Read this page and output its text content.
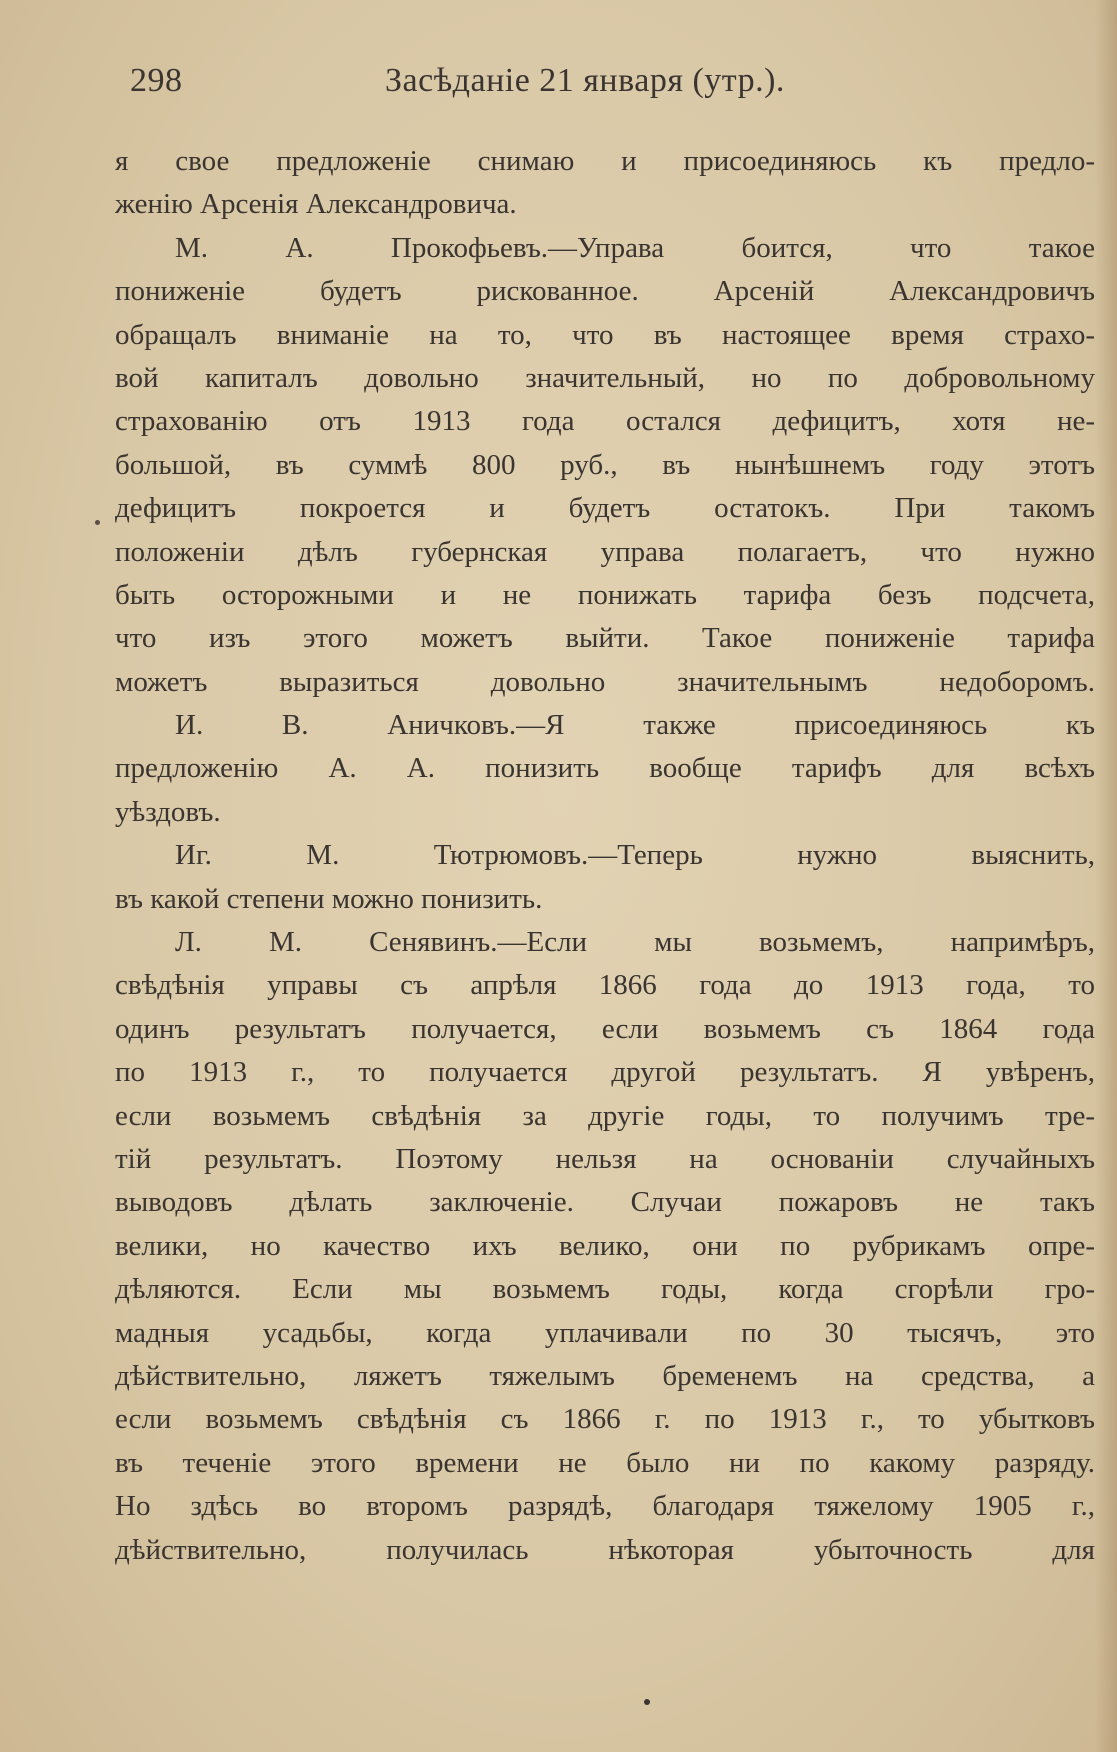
298	Засѣданіе 21 января (утр.).
я свое предложеніе снимаю и присоединяюсь къ предло-
женію Арсенія Александровича.
М. А. Прокофьевъ.—Управа боится, что такое
пониженіе будетъ рискованное. Арсеній Александровичъ
обращалъ вниманіе на то, что въ настоящее время страхо-
вой капиталъ довольно значительный, но по добровольному
страхованію отъ 1913 года остался дефицитъ, хотя не-
большой, въ суммѣ 800 руб., въ нынѣшнемъ году этотъ
дефицитъ покроется и будетъ остатокъ. При такомъ
положеніи дѣлъ губернская управа полагаетъ, что нужно
быть осторожными и не понижать тарифа безъ подсчета,
что изъ этого можетъ выйти. Такое пониженіе тарифа
можетъ выразиться довольно значительнымъ недоборомъ.
И. В. Аничковъ.—Я также присоединяюсь къ
предложенію А. А. понизить вообще тарифъ для всѣхъ
уѣздовъ.
Иг. М. Тютрюмовъ.—Теперь нужно выяснить,
въ какой степени можно понизить.
Л. М. Сенявинъ.—Если мы возьмемъ, напримѣръ,
свѣдѣнія управы съ апрѣля 1866 года до 1913 года, то
одинъ результатъ получается, если возьмемъ съ 1864 года
по 1913 г., то получается другой результатъ. Я увѣренъ,
если возьмемъ свѣдѣнія за другіе годы, то получимъ тре-
тій результатъ. Поэтому нельзя на основаніи случайныхъ
выводовъ дѣлать заключеніе. Случаи пожаровъ не такъ
велики, но качество ихъ велико, они по рубрикамъ опре-
дѣляются. Если мы возьмемъ годы, когда сгорѣли гро-
мадныя усадьбы, когда уплачивали по 30 тысячъ, это
дѣйствительно, ляжетъ тяжелымъ бременемъ на средства, а
если возьмемъ свѣдѣнія съ 1866 г. по 1913 г., то убытковъ
въ теченіе этого времени не было ни по какому разряду.
Но здѣсь во второмъ разрядѣ, благодаря тяжелому 1905 г.,
дѣйствительно, получилась нѣкоторая убыточность для
